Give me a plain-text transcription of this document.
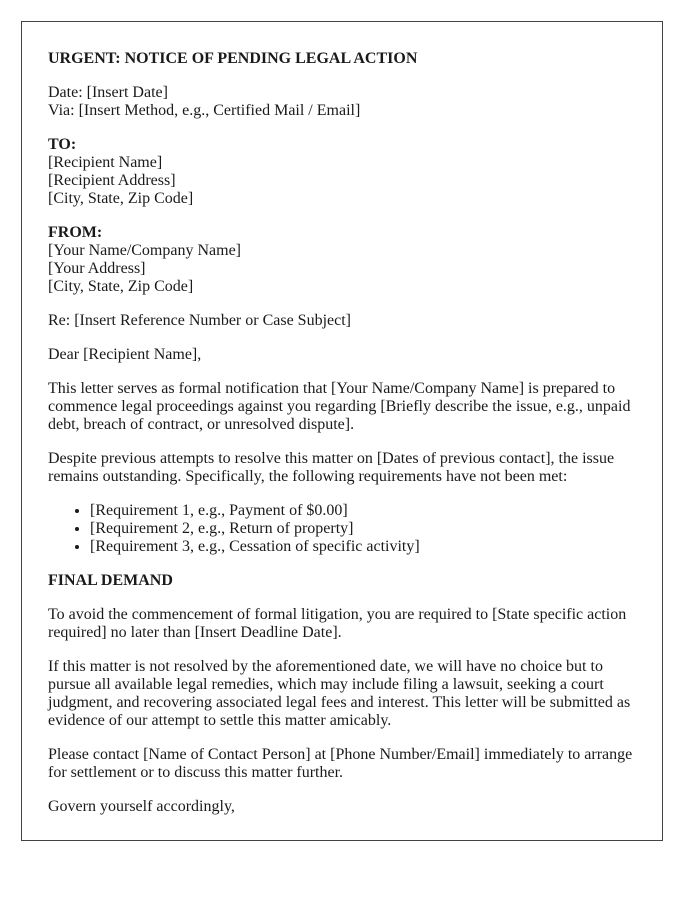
URGENT: NOTICE OF PENDING LEGAL ACTION

Date: [Insert Date]
Via: [Insert Method, e.g., Certified Mail / Email]

TO:
[Recipient Name]
[Recipient Address]
[City, State, Zip Code]

FROM:
[Your Name/Company Name]
[Your Address]
[City, State, Zip Code]

Re: [Insert Reference Number or Case Subject]

Dear [Recipient Name],

This letter serves as formal notification that [Your Name/Company Name] is prepared to commence legal proceedings against you regarding [Briefly describe the issue, e.g., unpaid debt, breach of contract, or unresolved dispute].

Despite previous attempts to resolve this matter on [Dates of previous contact], the issue remains outstanding. Specifically, the following requirements have not been met:

• [Requirement 1, e.g., Payment of $0.00]
• [Requirement 2, e.g., Return of property]
• [Requirement 3, e.g., Cessation of specific activity]

FINAL DEMAND

To avoid the commencement of formal litigation, you are required to [State specific action required] no later than [Insert Deadline Date].

If this matter is not resolved by the aforementioned date, we will have no choice but to pursue all available legal remedies, which may include filing a lawsuit, seeking a court judgment, and recovering associated legal fees and interest. This letter will be submitted as evidence of our attempt to settle this matter amicably.

Please contact [Name of Contact Person] at [Phone Number/Email] immediately to arrange for settlement or to discuss this matter further.

Govern yourself accordingly,
